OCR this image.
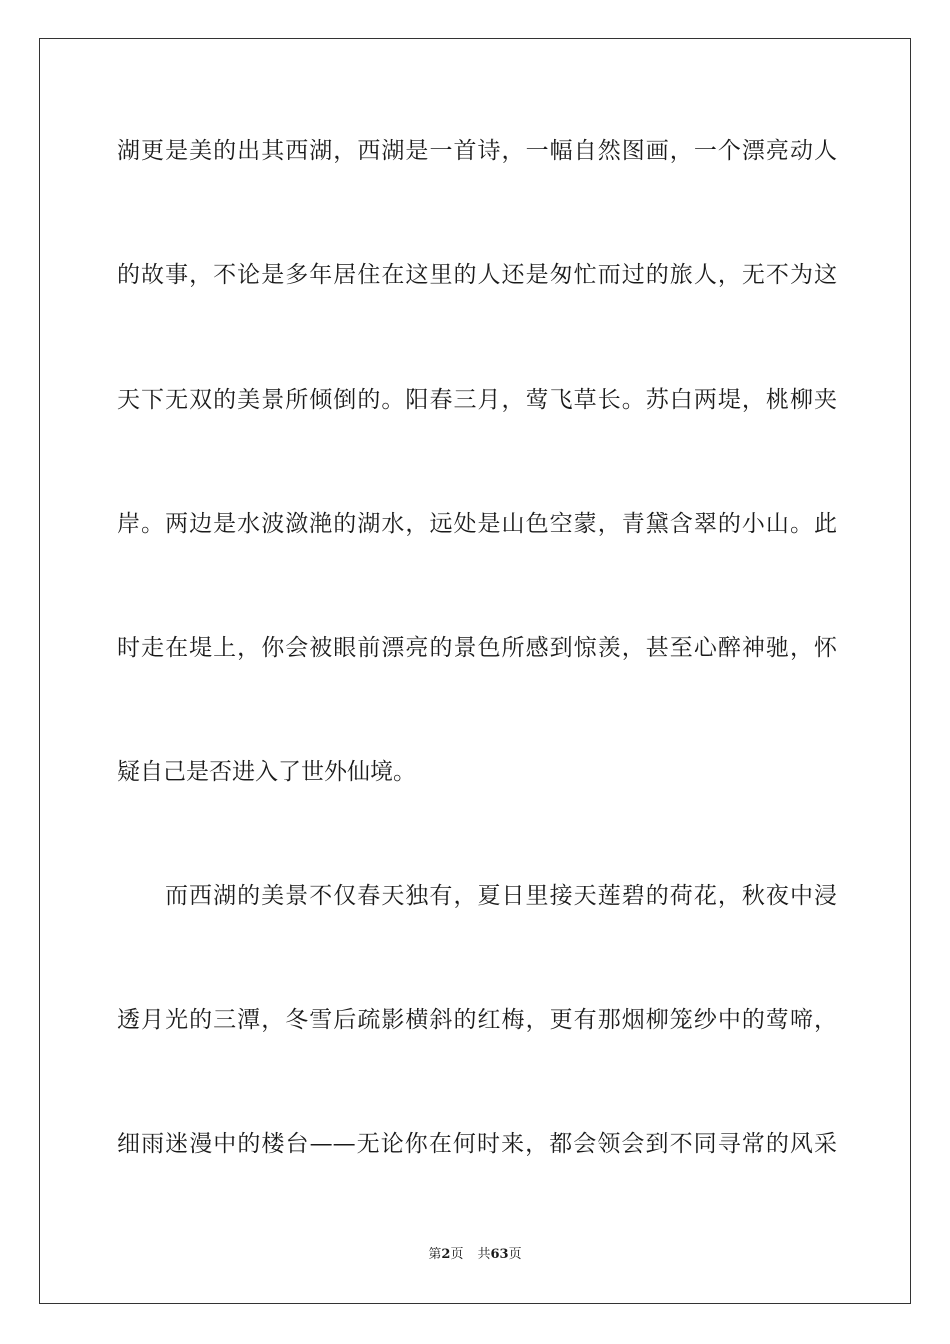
湖更是美的出其西湖，西湖是一首诗，一幅自然图画，一个漂亮动人
的故事，不论是多年居住在这里的人还是匆忙而过的旅人，无不为这
天下无双的美景所倾倒的。阳春三月，莺飞草长。苏白两堤，桃柳夹
岸。两边是水波潋滟的湖水，远处是山色空蒙，青黛含翠的小山。此
时走在堤上，你会被眼前漂亮的景色所感到惊羡，甚至心醉神驰，怀
疑自己是否进入了世外仙境。
而西湖的美景不仅春天独有，夏日里接天莲碧的荷花，秋夜中浸
透月光的三潭，冬雪后疏影横斜的红梅，更有那烟柳笼纱中的莺啼，
细雨迷漫中的楼台——无论你在何时来，都会领会到不同寻常的风采
第2页 共63页
